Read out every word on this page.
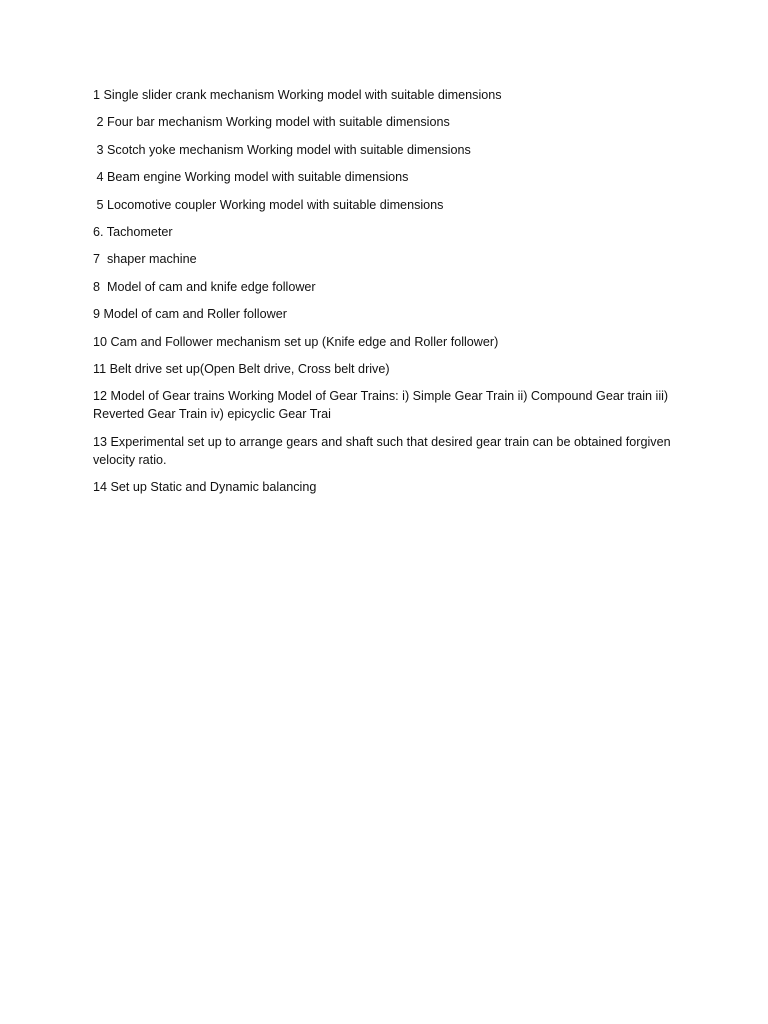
1 Single slider crank mechanism Working model with suitable dimensions
2 Four bar mechanism Working model with suitable dimensions
3 Scotch yoke mechanism Working model with suitable dimensions
4 Beam engine Working model with suitable dimensions
5 Locomotive coupler Working model with suitable dimensions
6. Tachometer
7  shaper machine
8  Model of cam and knife edge follower
9 Model of cam and Roller follower
10 Cam and Follower mechanism set up (Knife edge and Roller follower)
11 Belt drive set up(Open Belt drive, Cross belt drive)
12 Model of Gear trains Working Model of Gear Trains: i) Simple Gear Train ii) Compound Gear train iii) Reverted Gear Train iv) epicyclic Gear Trai
13 Experimental set up to arrange gears and shaft such that desired gear train can be obtained forgiven velocity ratio.
14 Set up Static and Dynamic balancing
